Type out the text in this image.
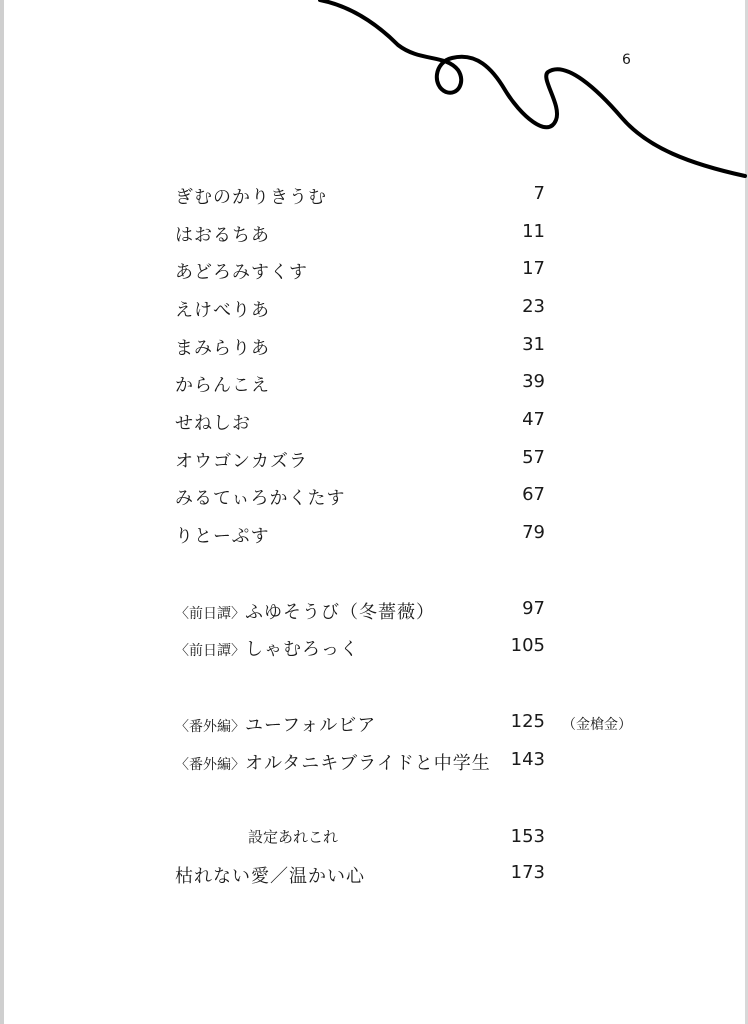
6
ぎむのかりきうむ	7
はおるちあ	11
あどろみすくす	17
えけべりあ	23
まみらりあ	31
からんこえ	39
せねしお	47
オウゴンカズラ	57
みるてぃろかくたす	67
りとーぷす	79
〈前日譚〉ふゆそうび（冬薔薇）	97
〈前日譚〉しゃむろっく	105
〈番外編〉ユーフォルビア	125 （金槍金）
〈番外編〉オルタニキブライドと中学生	143
設定あれこれ	153
枯れない愛／温かい心	173
